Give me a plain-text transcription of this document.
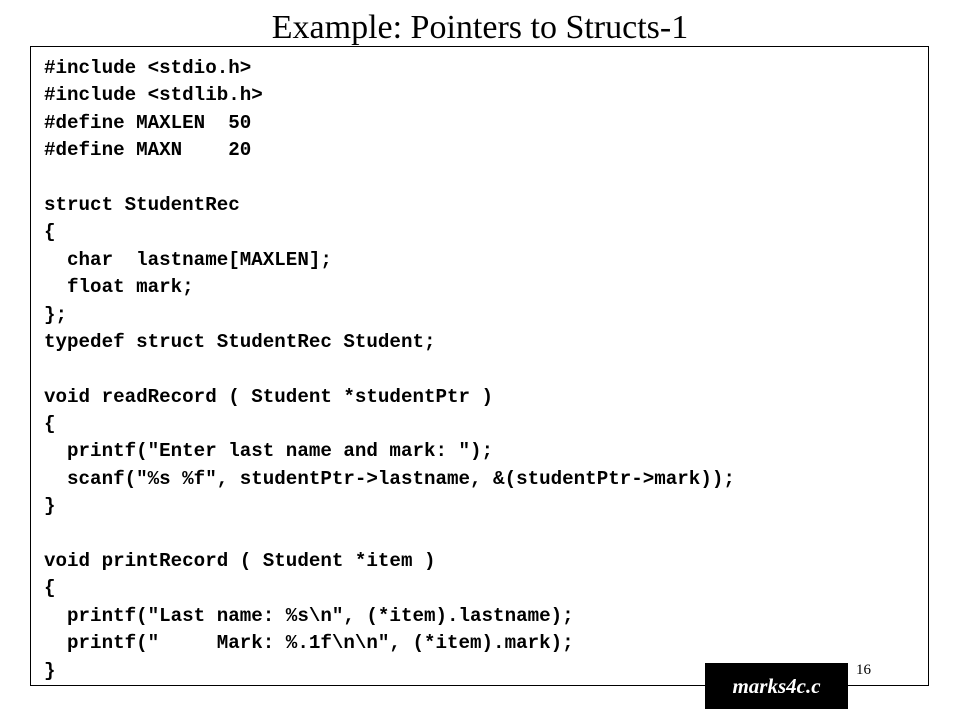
Example: Pointers to Structs-1
#include <stdio.h>
#include <stdlib.h>
#define MAXLEN  50
#define MAXN    20
struct StudentRec
{
char  lastname[MAXLEN];
float mark;
};
typedef struct StudentRec Student;
void readRecord ( Student *studentPtr )
{
printf("Enter last name and mark: ");
scanf("%s %f", studentPtr->lastname, &(studentPtr->mark));
}
void printRecord ( Student *item )
{
printf("Last name: %s\n", (*item).lastname);
printf("     Mark: %.1f\n\n", (*item).mark);
}	16
marks4c.c
